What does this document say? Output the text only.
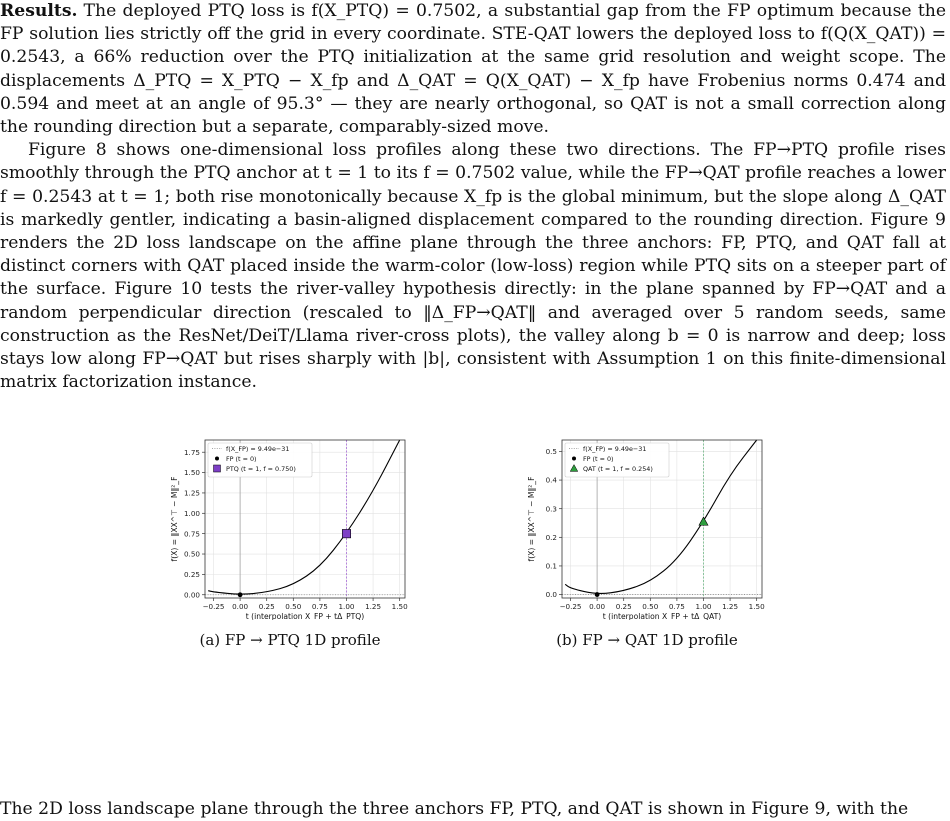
Results. The deployed PTQ loss is f(X_PTQ) = 0.7502, a substantial gap from the FP optimum because the FP solution lies strictly off the grid in every coordinate. STE-QAT lowers the deployed loss to f(Q(X_QAT)) = 0.2543, a 66% reduction over the PTQ initialization at the same grid resolution and weight scope. The displacements Δ_PTQ = X_PTQ − X_fp and Δ_QAT = Q(X_QAT) − X_fp have Frobenius norms 0.474 and 0.594 and meet at an angle of 95.3° — they are nearly orthogonal, so QAT is not a small correction along the rounding direction but a separate, comparably-sized move.

Figure 8 shows one-dimensional loss profiles along these two directions. The FP→PTQ profile rises smoothly through the PTQ anchor at t = 1 to its f = 0.7502 value, while the FP→QAT profile reaches a lower f = 0.2543 at t = 1; both rise monotonically because X_fp is the global minimum, but the slope along Δ_QAT is markedly gentler, indicating a basin-aligned displacement compared to the rounding direction. Figure 9 renders the 2D loss landscape on the affine plane through the three anchors: FP, PTQ, and QAT fall at distinct corners with QAT placed inside the warm-color (low-loss) region while PTQ sits on a steeper part of the surface. Figure 10 tests the river-valley hypothesis directly: in the plane spanned by FP→QAT and a random perpendicular direction (rescaled to ‖Δ_FP→QAT‖ and averaged over 5 random seeds, same construction as the ResNet/DeiT/Llama river-cross plots), the valley along b = 0 is narrow and deep; loss stays low along FP→QAT but rises sharply with |b|, consistent with Assumption 1 on this finite-dimensional matrix factorization instance.

−0.25 0.00 0.25 0.50 0.75 1.00 1.25 1.50
0.00
0.25
0.50
0.75
1.00
1.25
1.50
1.75	f(X_FP) = 9.49e−31
FP (t = 0)
PTQ (t = 1, f = 0.750)
t (interpolation X_FP + tΔ_PTQ)
f(X) = ‖XX^⊤ − M‖²_F
(a) FP → PTQ 1D profile
−0.25 0.00 0.25 0.50 0.75 1.00 1.25 1.50
0.0
0.1
0.2
0.3
0.4
0.5	f(X_FP) = 9.49e−31
FP (t = 0)
QAT (t = 1, f = 0.254)
t (interpolation X_FP + tΔ_QAT)
f(X) = ‖XX^⊤ − M‖²_F
(b) FP → QAT 1D profile
The 2D loss landscape plane through the three anchors FP, PTQ, and QAT is shown in Figure 9, with the
